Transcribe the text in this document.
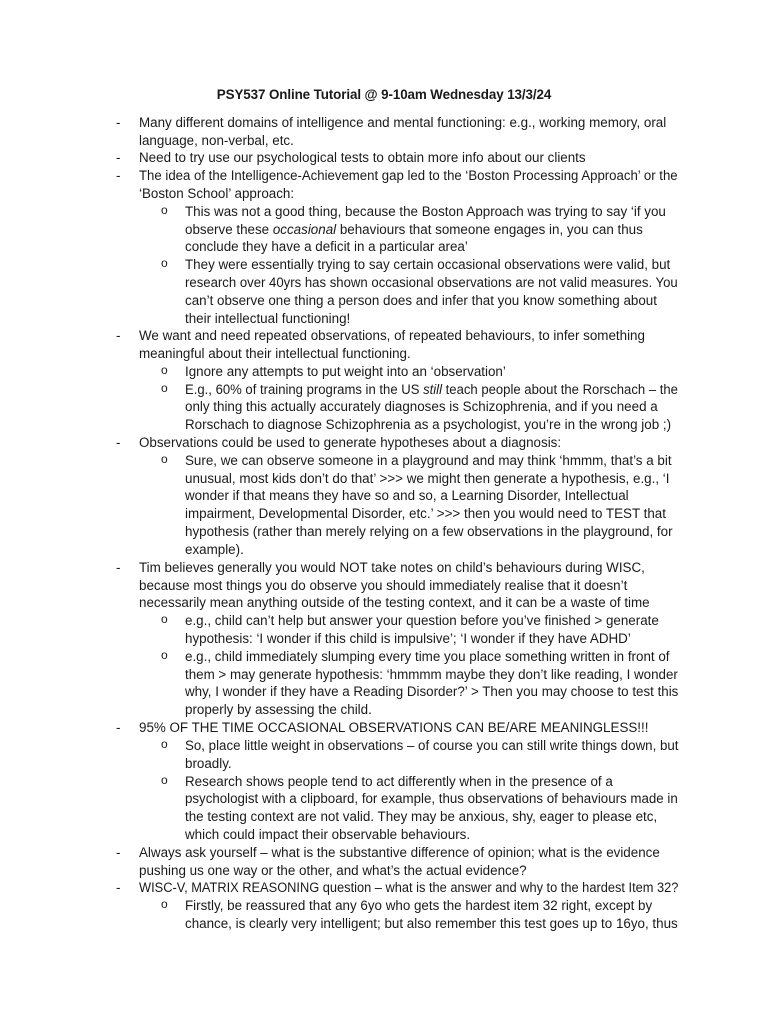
PSY537 Online Tutorial @ 9-10am Wednesday 13/3/24
- Many different domains of intelligence and mental functioning: e.g., working memory, oral
language, non-verbal, etc.
- Need to try use our psychological tests to obtain more info about our clients
- The idea of the Intelligence-Achievement gap led to the ‘Boston Processing Approach’ or the
‘Boston School’ approach:
o This was not a good thing, because the Boston Approach was trying to say ‘if you
observe these occasional behaviours that someone engages in, you can thus
conclude they have a deficit in a particular area’
o They were essentially trying to say certain occasional observations were valid, but
research over 40yrs has shown occasional observations are not valid measures. You
can’t observe one thing a person does and infer that you know something about
their intellectual functioning!
- We want and need repeated observations, of repeated behaviours, to infer something
meaningful about their intellectual functioning.
o Ignore any attempts to put weight into an ‘observation’
o E.g., 60% of training programs in the US still teach people about the Rorschach – the
only thing this actually accurately diagnoses is Schizophrenia, and if you need a
Rorschach to diagnose Schizophrenia as a psychologist, you’re in the wrong job ;)
- Observations could be used to generate hypotheses about a diagnosis:
o Sure, we can observe someone in a playground and may think ‘hmmm, that’s a bit
unusual, most kids don’t do that’ >>> we might then generate a hypothesis, e.g., ‘I
wonder if that means they have so and so, a Learning Disorder, Intellectual
impairment, Developmental Disorder, etc.’ >>> then you would need to TEST that
hypothesis (rather than merely relying on a few observations in the playground, for
example).
- Tim believes generally you would NOT take notes on child’s behaviours during WISC,
because most things you do observe you should immediately realise that it doesn’t
necessarily mean anything outside of the testing context, and it can be a waste of time
o e.g., child can’t help but answer your question before you’ve finished > generate
hypothesis: ‘I wonder if this child is impulsive’; ‘I wonder if they have ADHD’
o e.g., child immediately slumping every time you place something written in front of
them > may generate hypothesis: ‘hmmmm maybe they don’t like reading, I wonder
why, I wonder if they have a Reading Disorder?’ > Then you may choose to test this
properly by assessing the child.
- 95% OF THE TIME OCCASIONAL OBSERVATIONS CAN BE/ARE MEANINGLESS!!!
o So, place little weight in observations – of course you can still write things down, but
broadly.
o Research shows people tend to act differently when in the presence of a
psychologist with a clipboard, for example, thus observations of behaviours made in
the testing context are not valid. They may be anxious, shy, eager to please etc,
which could impact their observable behaviours.
- Always ask yourself – what is the substantive difference of opinion; what is the evidence
pushing us one way or the other, and what’s the actual evidence?
- WISC-V, MATRIX REASONING question – what is the answer and why to the hardest Item 32?
o Firstly, be reassured that any 6yo who gets the hardest item 32 right, except by
chance, is clearly very intelligent; but also remember this test goes up to 16yo, thus
